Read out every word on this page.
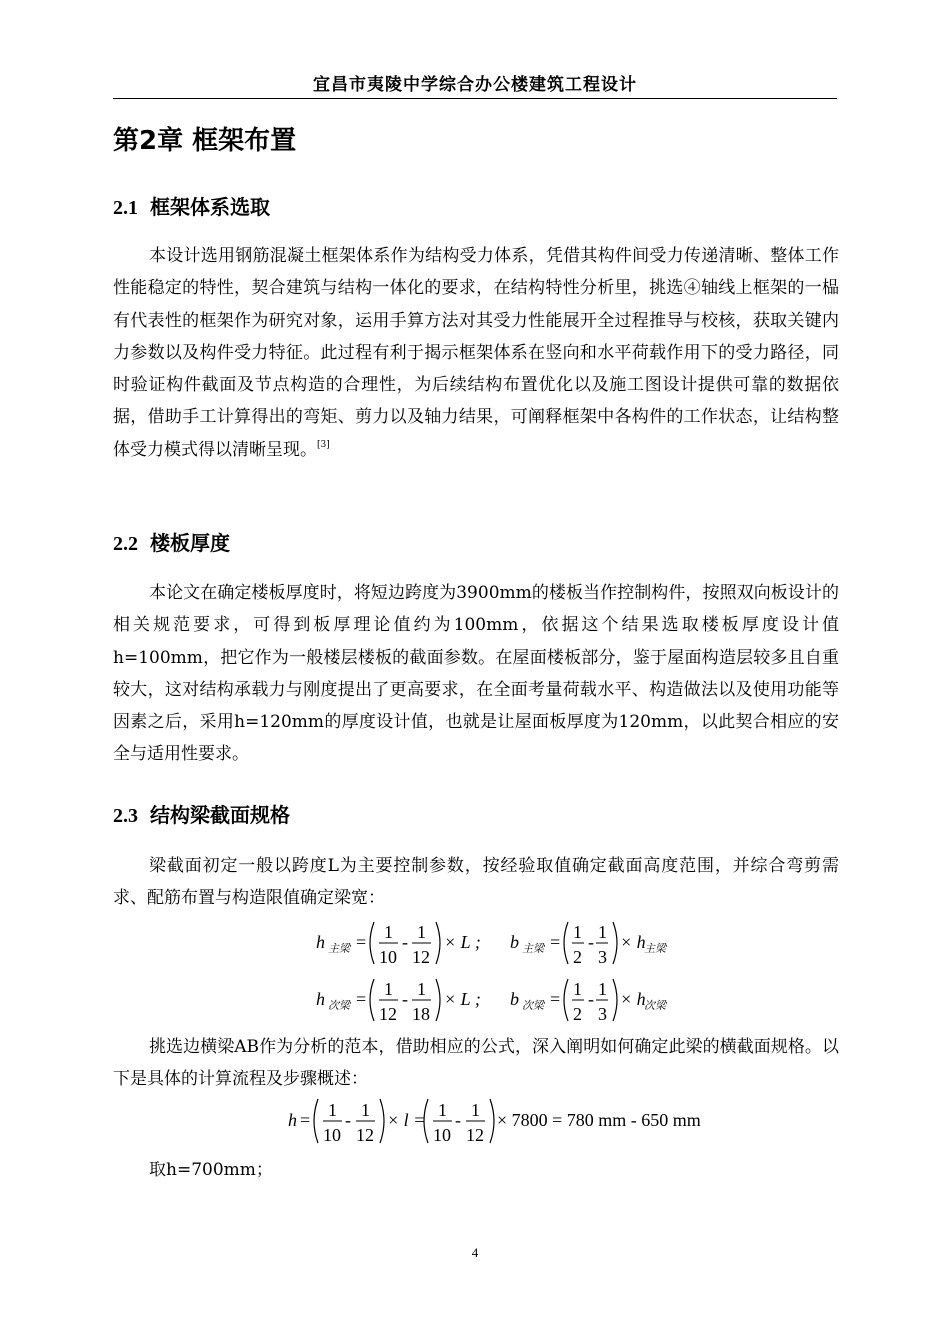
宜昌市夷陵中学综合办公楼建筑工程设计
第2章 框架布置
2.1 框架体系选取

本设计选用钢筋混凝土框架体系作为结构受力体系，凭借其构件间受力传递清晰、整体工作性能稳定的特性，契合建筑与结构一体化的要求，在结构特性分析里，挑选④轴线上框架的一榀有代表性的框架作为研究对象，运用手算方法对其受力性能展开全过程推导与校核，获取关键内力参数以及构件受力特征。此过程有利于揭示框架体系在竖向和水平荷载作用下的受力路径，同时验证构件截面及节点构造的合理性，为后续结构布置优化以及施工图设计提供可靠的数据依据，借助手工计算得出的弯矩、剪力以及轴力结果，可阐释框架中各构件的工作状态，让结构整体受力模式得以清晰呈现。[3]

2.2 楼板厚度

本论文在确定楼板厚度时，将短边跨度为3900mm的楼板当作控制构件，按照双向板设计的相关规范要求，可得到板厚理论值约为100mm，依据这个结果选取楼板厚度设计值h=100mm，把它作为一般楼层楼板的截面参数。在屋面楼板部分，鉴于屋面构造层较多且自重较大，这对结构承载力与刚度提出了更高要求，在全面考量荷载水平、构造做法以及使用功能等因素之后，采用h=120mm的厚度设计值，也就是让屋面板厚度为120mm，以此契合相应的安全与适用性要求。

2.3 结构梁截面规格

梁截面初定一般以跨度L为主要控制参数，按经验取值确定截面高度范围，并综合弯剪需求、配筋布置与构造限值确定梁宽：

h 主梁 = 1
10
- 1
12
× L ; b 主梁 = 1
2
- 1
3
× h
主梁
h 次梁 = 1
12
- 1
18
× L ; b 次梁 = 1
2
- 1
3
× h
次梁

挑选边横梁AB作为分析的范本，借助相应的公式，深入阐明如何确定此梁的横截面规格。以下是具体的计算流程及步骤概述：

h = 1
10
- 1
12
× l = 1
10
- 1
12
× 7800 = 780 mm - 650 mm

取h=700mm；

4
